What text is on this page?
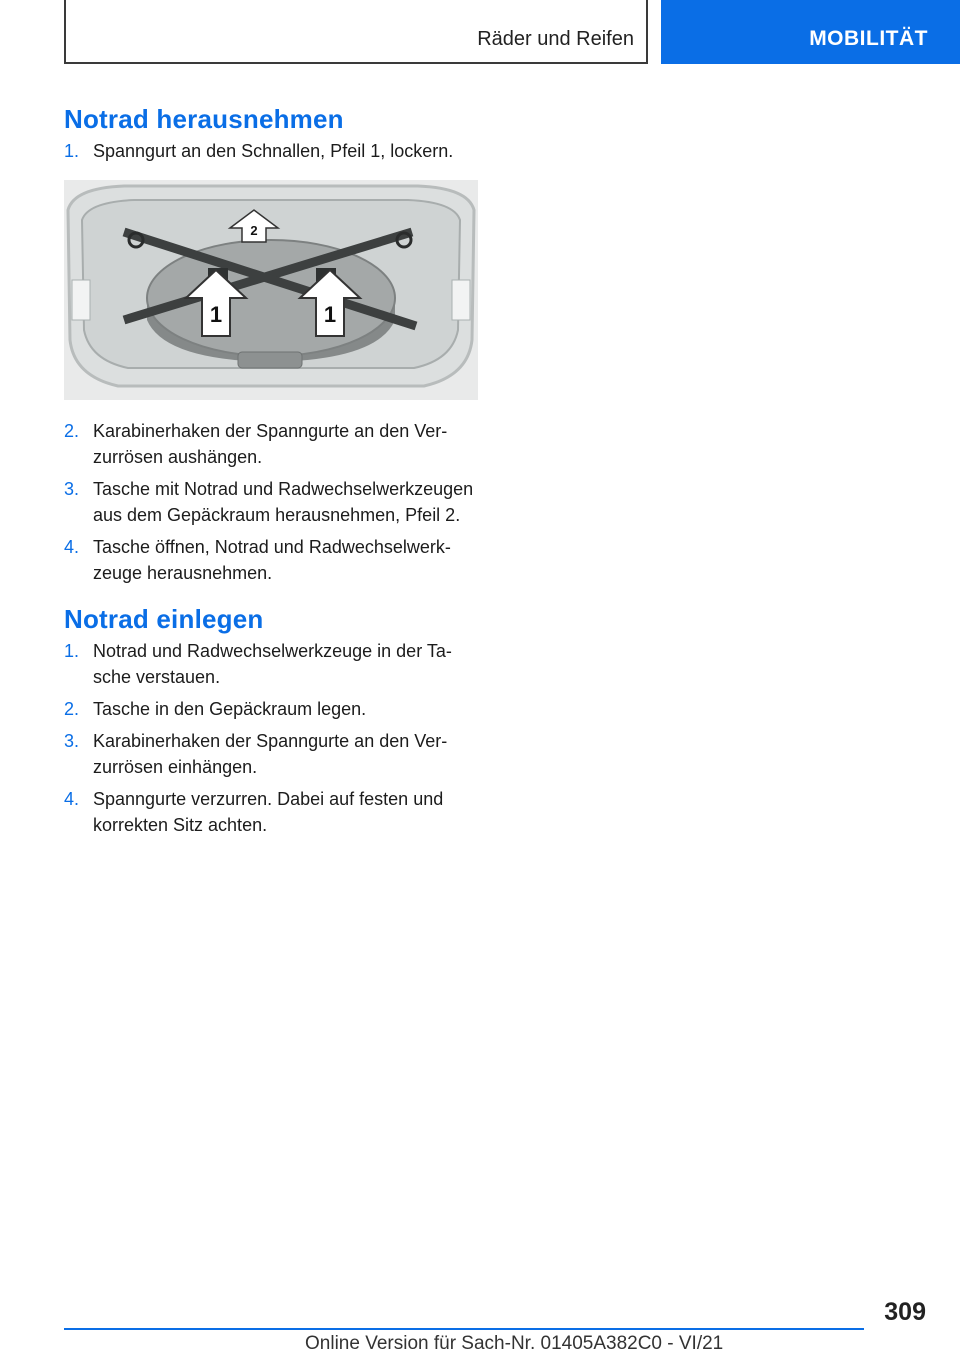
Räder und Reifen	MOBILITÄT
Notrad herausnehmen
1. Spanngurt an den Schnallen, Pfeil 1, lockern.
2
1	1
2. Karabinerhaken der Spanngurte an den Verzurrösen aushängen.
3. Tasche mit Notrad und Radwechselwerkzeugen aus dem Gepäckraum herausnehmen, Pfeil 2.
4. Tasche öffnen, Notrad und Radwechselwerkzeuge herausnehmen.
Notrad einlegen
1. Notrad und Radwechselwerkzeuge in der Tasche verstauen.
2. Tasche in den Gepäckraum legen.
3. Karabinerhaken der Spanngurte an den Verzurrösen einhängen.
4. Spanngurte verzurren. Dabei auf festen und korrekten Sitz achten.
309
Online Version für Sach-Nr. 01405A382C0 - VI/21
